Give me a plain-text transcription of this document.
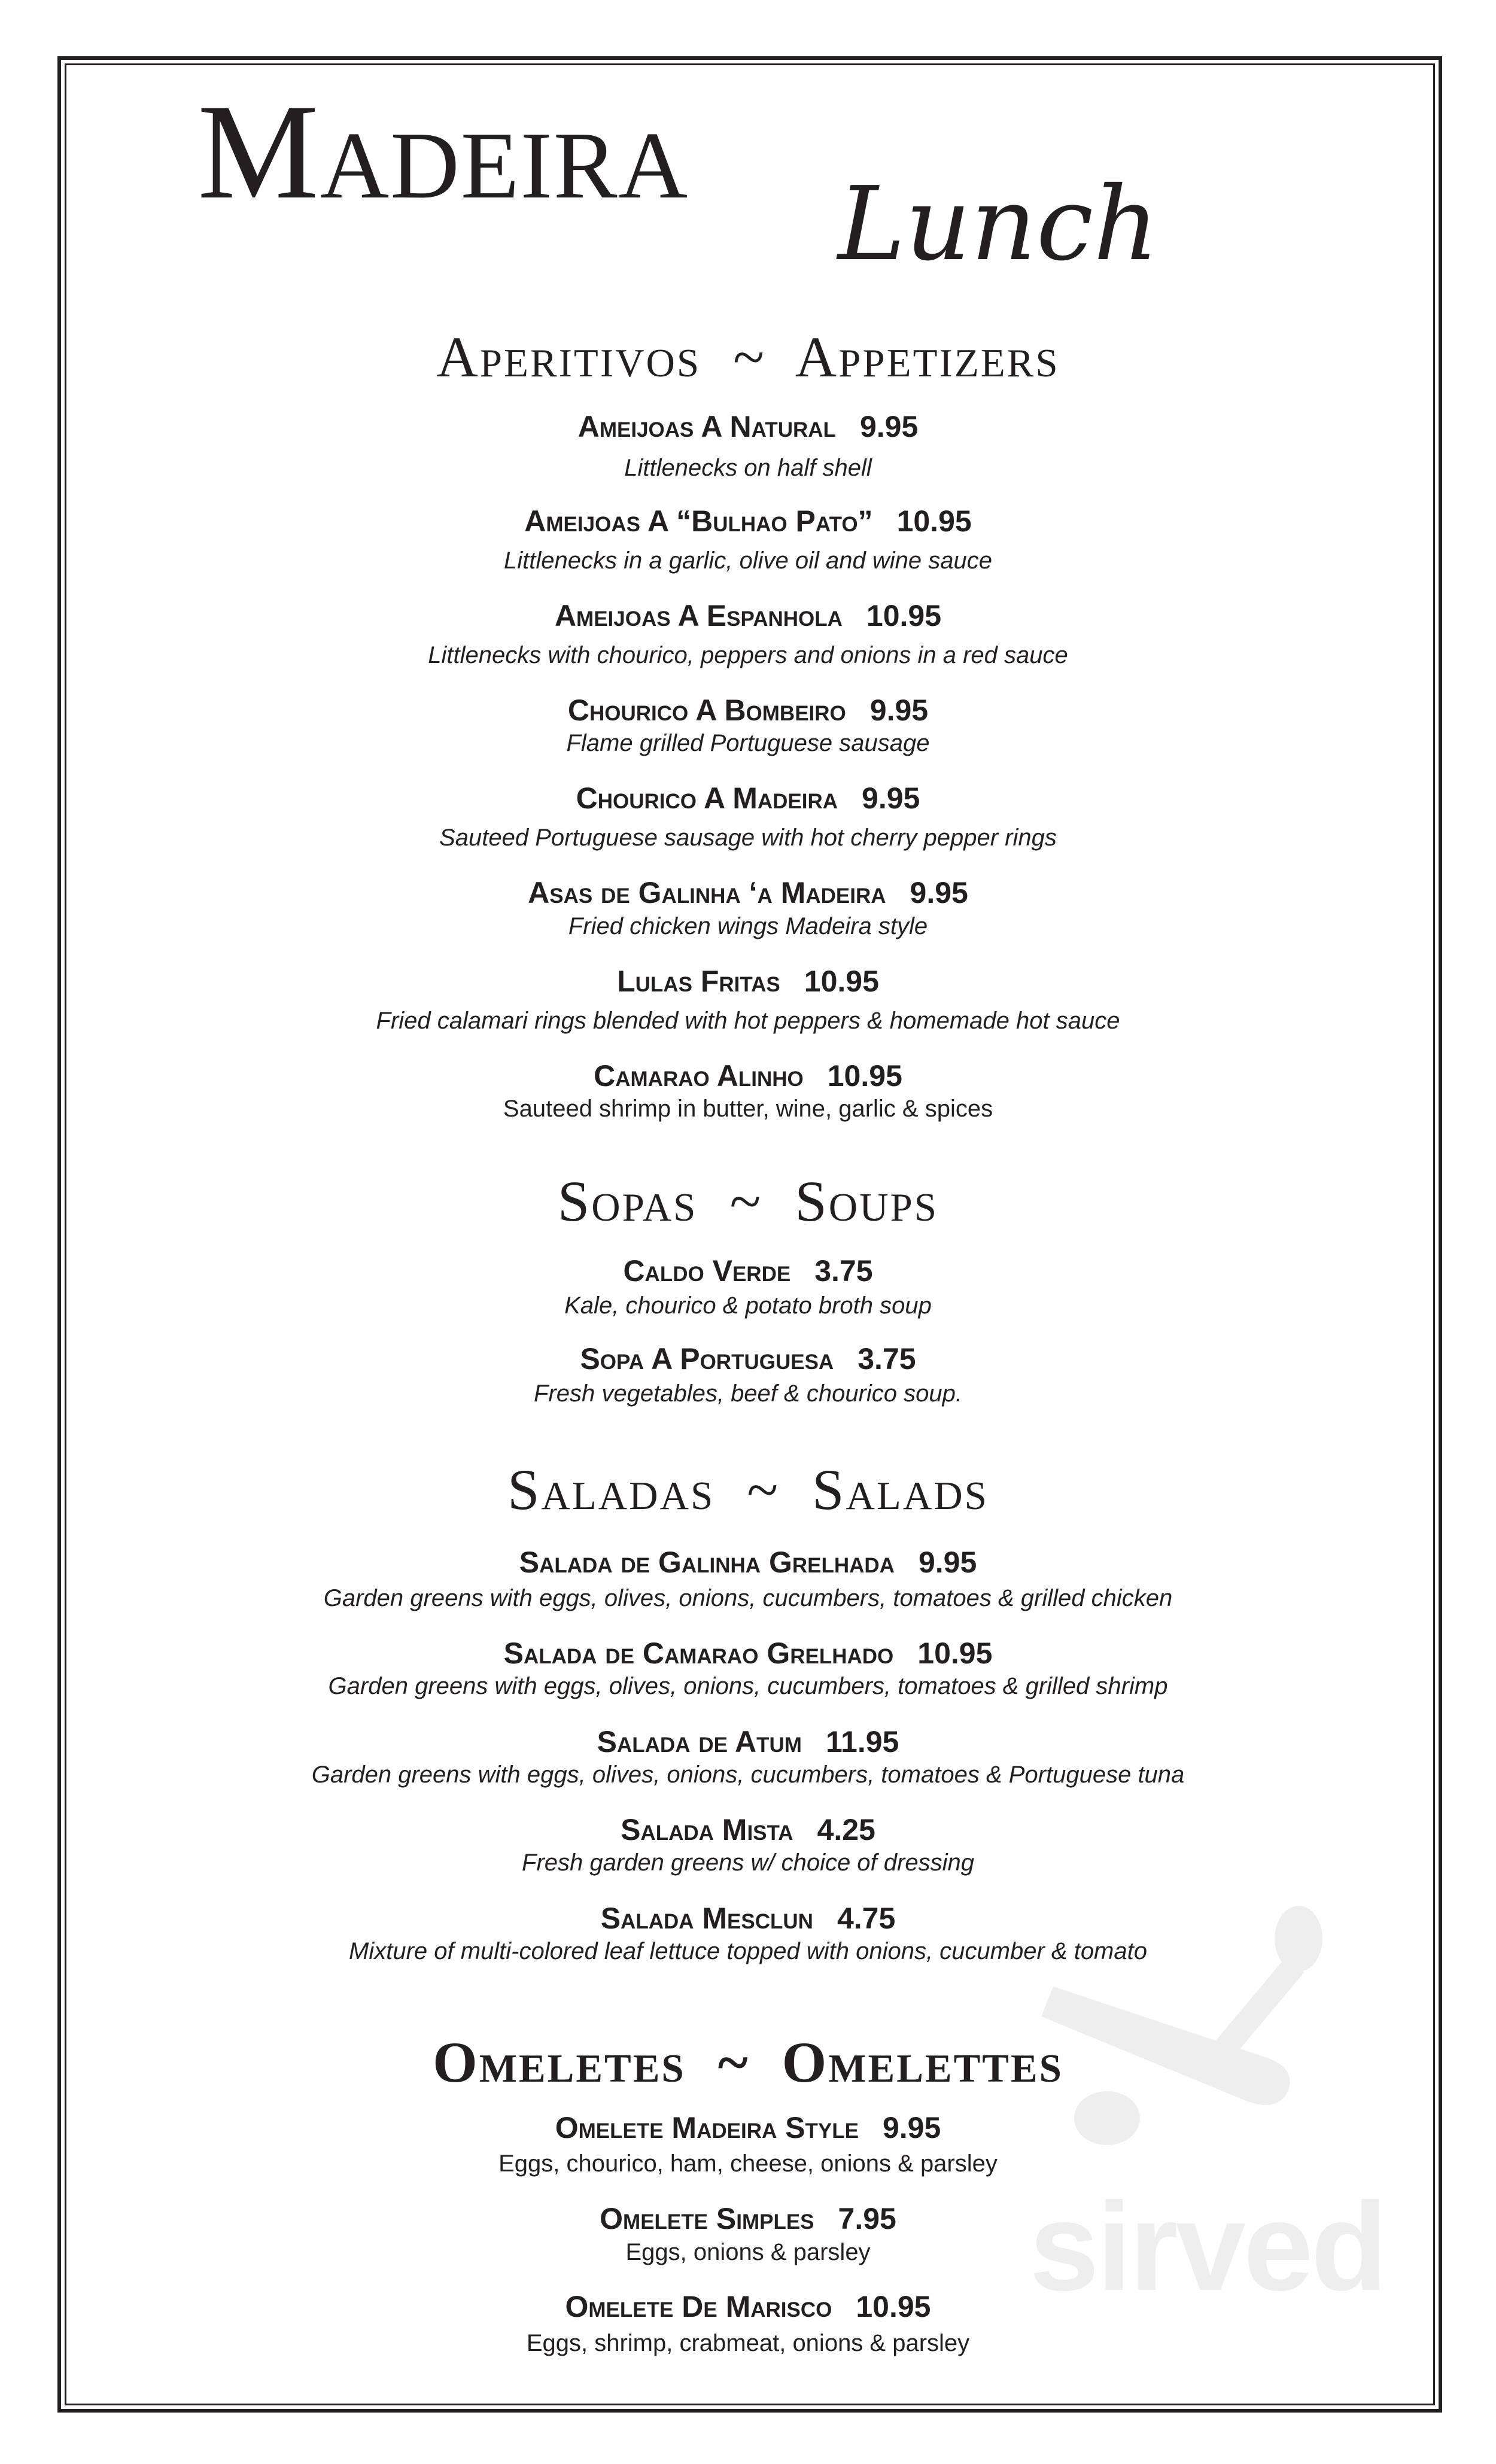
sirved
Madeira Lunch
Aperitivos  ~  Appetizers
Ameijoas A Natural 9.95
Littlenecks on half shell
Ameijoas A “Bulhao Pato” 10.95
Littlenecks in a garlic, olive oil and wine sauce
Ameijoas A Espanhola 10.95
Littlenecks with chourico, peppers and onions in a red sauce
Chourico A Bombeiro 9.95
Flame grilled Portuguese sausage
Chourico A Madeira 9.95
Sauteed Portuguese sausage with hot cherry pepper rings
Asas de Galinha ‘a Madeira 9.95
Fried chicken wings Madeira style
Lulas Fritas 10.95
Fried calamari rings blended with hot peppers & homemade hot sauce
Camarao Alinho 10.95
Sauteed shrimp in butter, wine, garlic & spices
Sopas  ~  Soups
Caldo Verde 3.75
Kale, chourico & potato broth soup
Sopa A Portuguesa 3.75
Fresh vegetables, beef & chourico soup.
Saladas  ~  Salads
Salada de Galinha Grelhada 9.95
Garden greens with eggs, olives, onions, cucumbers, tomatoes & grilled chicken
Salada de Camarao Grelhado 10.95
Garden greens with eggs, olives, onions, cucumbers, tomatoes & grilled shrimp
Salada de Atum 11.95
Garden greens with eggs, olives, onions, cucumbers, tomatoes & Portuguese tuna
Salada Mista 4.25
Fresh garden greens w/ choice of dressing
Salada Mesclun 4.75
Mixture of multi-colored leaf lettuce topped with onions, cucumber & tomato
Omeletes  ~  Omelettes
Omelete Madeira Style 9.95
Eggs, chourico, ham, cheese, onions & parsley
Omelete Simples 7.95
Eggs, onions & parsley
Omelete De Marisco 10.95
Eggs, shrimp, crabmeat, onions & parsley
